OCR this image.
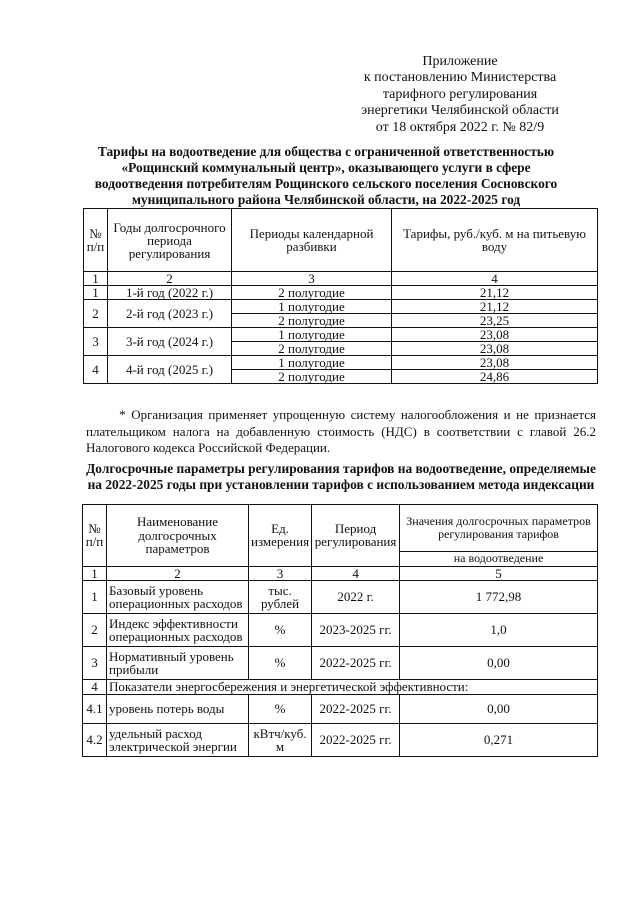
Приложение
к постановлению Министерства
тарифного регулирования
энергетики Челябинской области
от 18 октября 2022 г. № 82/9
Тарифы на водоотведение для общества с ограниченной ответственностью «Рощинский коммунальный центр», оказывающего услуги в сфере водоотведения потребителям Рощинского сельского поселения Сосновского муниципального района Челябинской области, на 2022-2025 год
№ п/п	Годы долгосрочного периода регулирования	Периоды календарной разбивки	Тарифы, руб./куб. м на питьевую воду
1	2	3	4
1	1-й год (2022 г.)	2 полугодие	21,12
2	2-й год (2023 г.)	1 полугодие	21,12
		2 полугодие	23,25
3	3-й год (2024 г.)	1 полугодие	23,08
		2 полугодие	23,08
4	4-й год (2025 г.)	1 полугодие	23,08
		2 полугодие	24,86
* Организация применяет упрощенную систему налогообложения и не признается плательщиком налога на добавленную стоимость (НДС) в соответствии с главой 26.2 Налогового кодекса Российской Федерации.
Долгосрочные параметры регулирования тарифов на водоотведение, определяемые на 2022-2025 годы при установлении тарифов с использованием метода индексации
№ п/п	Наименование долгосрочных параметров	Ед. измерения	Период регулирования	Значения долгосрочных параметров регулирования тарифов
				на водоотведение
1	2	3	4	5
1	Базовый уровень операционных расходов	тыс. рублей	2022 г.	1 772,98
2	Индекс эффективности операционных расходов	%	2023-2025 гг.	1,0
3	Нормативный уровень прибыли	%	2022-2025 гг.	0,00
4	Показатели энергосбережения и энергетической эффективности:			
4.1	уровень потерь воды	%	2022-2025 гг.	0,00
4.2	удельный расход электрической энергии	кВтч/куб. м	2022-2025 гг.	0,271
